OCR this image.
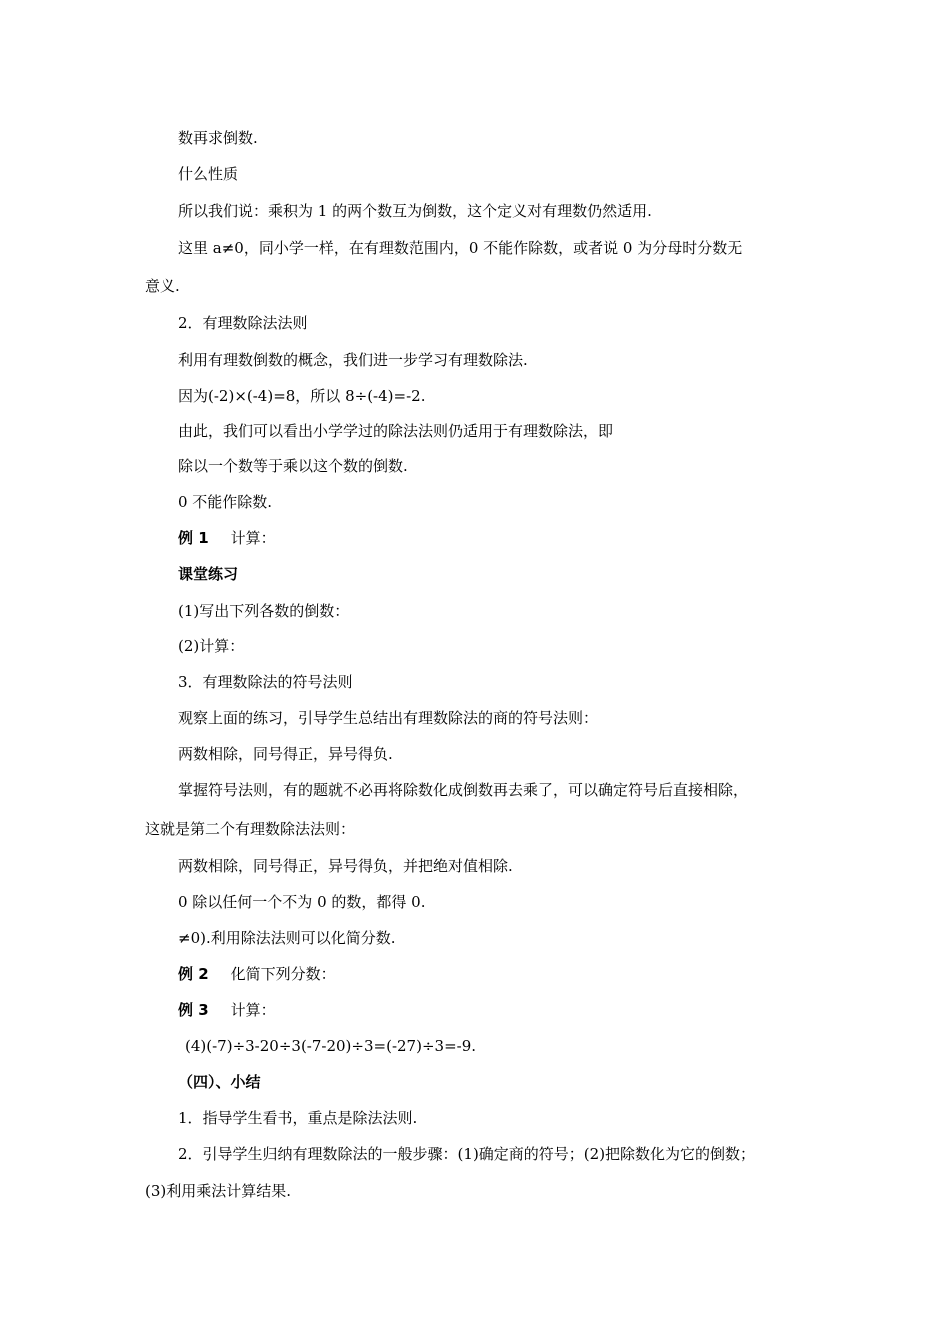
数再求倒数.

什么性质

所以我们说：乘积为 1 的两个数互为倒数，这个定义对有理数仍然适用.

这里 a≠0，同小学一样，在有理数范围内，0 不能作除数，或者说 0 为分母时分数无

意义.

2．有理数除法法则

利用有理数倒数的概念，我们进一步学习有理数除法.

因为(-2)×(-4)=8，所以 8÷(-4)=-2.

由此，我们可以看出小学学过的除法法则仍适用于有理数除法，即

除以一个数等于乘以这个数的倒数.

0 不能作除数.

例 1 计算：

课堂练习

(1)写出下列各数的倒数：

(2)计算：

3．有理数除法的符号法则

观察上面的练习，引导学生总结出有理数除法的商的符号法则：

两数相除，同号得正，异号得负.

掌握符号法则，有的题就不必再将除数化成倒数再去乘了，可以确定符号后直接相除，

这就是第二个有理数除法法则：

两数相除，同号得正，异号得负，并把绝对值相除.

0 除以任何一个不为 0 的数，都得 0.

≠0).利用除法法则可以化简分数.

例 2 化简下列分数：

例 3 计算：

(4)(-7)÷3-20÷3(-7-20)÷3=(-27)÷3=-9.

（四）、小结

1．指导学生看书，重点是除法法则.

2．引导学生归纳有理数除法的一般步骤：(1)确定商的符号；(2)把除数化为它的倒数；

(3)利用乘法计算结果.
